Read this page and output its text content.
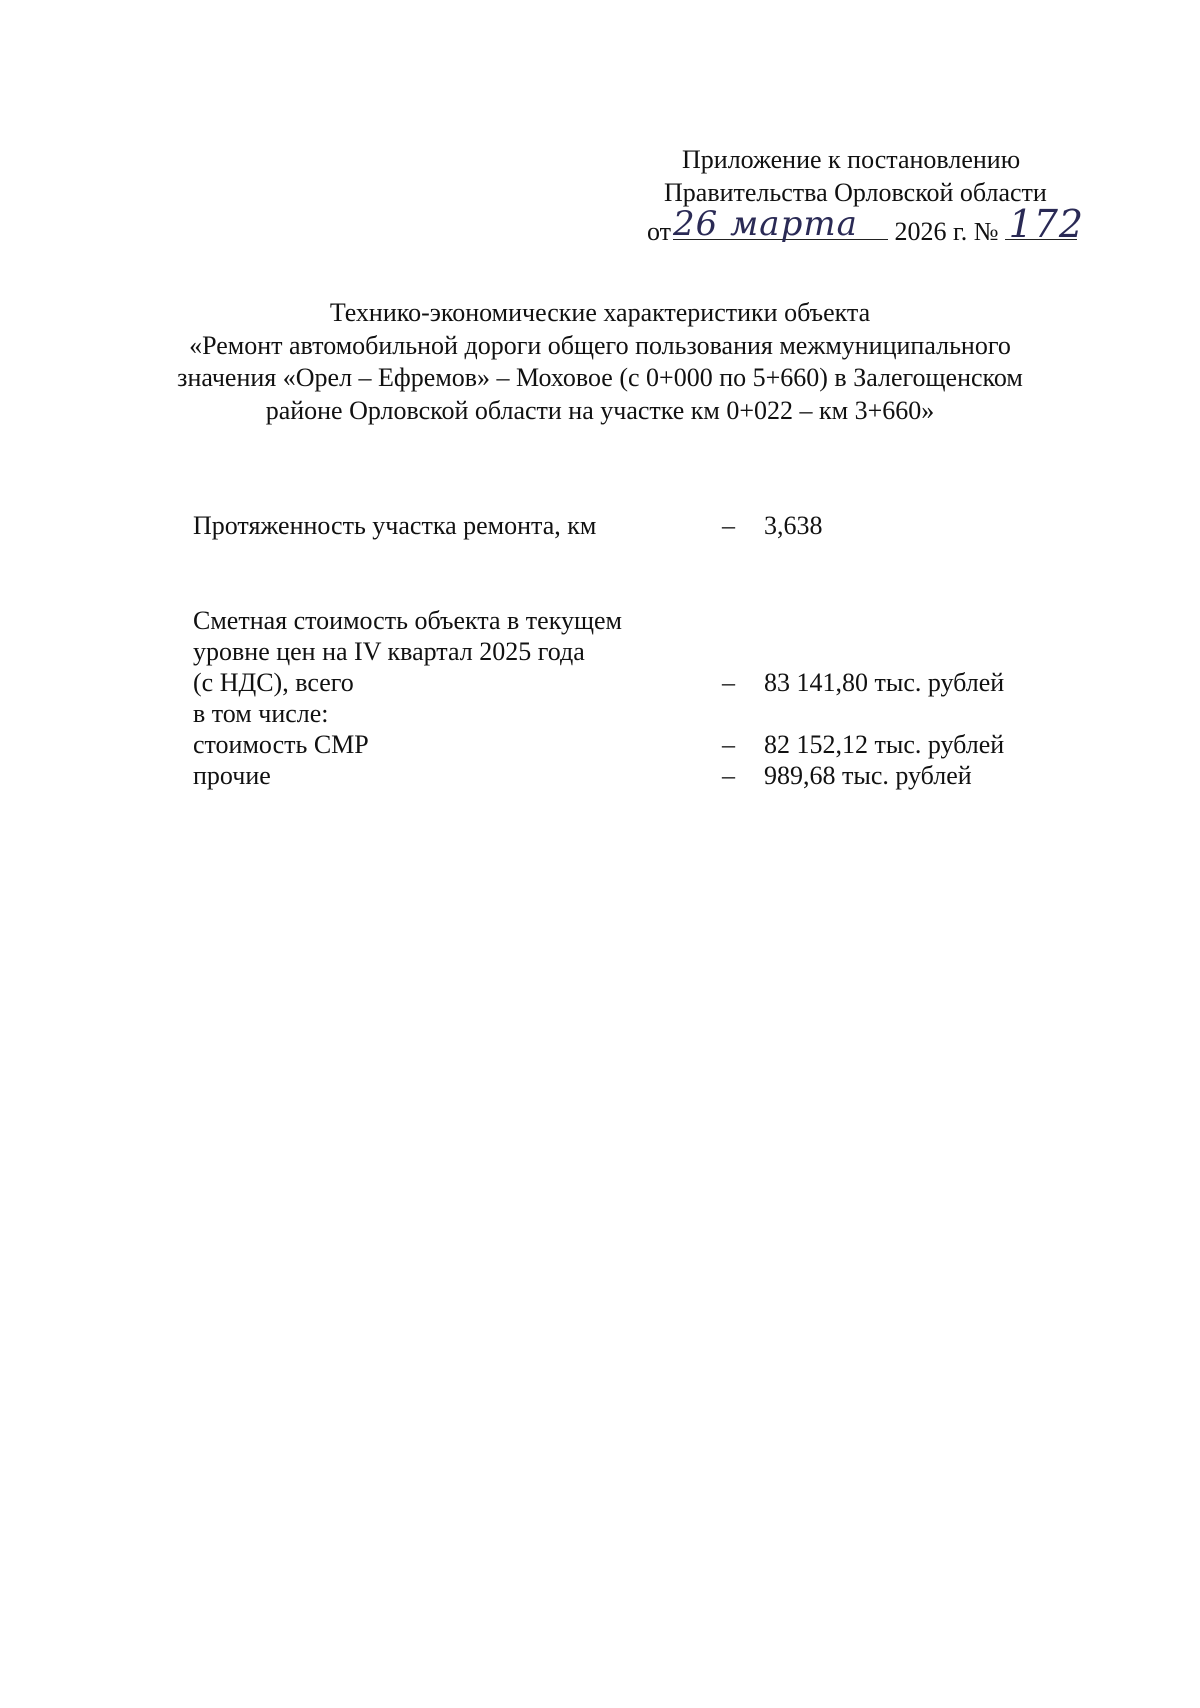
Приложение к постановлению
Правительства Орловской области
от 26 марта 2026 г. № 172
Технико-экономические характеристики объекта
«Ремонт автомобильной дороги общего пользования межмуниципального
значения «Орел – Ефремов» – Моховое (с 0+000 по 5+660) в Залегощенском
районе Орловской области на участке км 0+022 – км 3+660»
Протяженность участка ремонта, км	– 3,638
Сметная стоимость объекта в текущем
уровне цен на IV квартал 2025 года
(с НДС), всего	– 83 141,80 тыс. рублей
в том числе:
стоимость СМР	– 82 152,12 тыс. рублей
прочие	– 989,68 тыс. рублей
